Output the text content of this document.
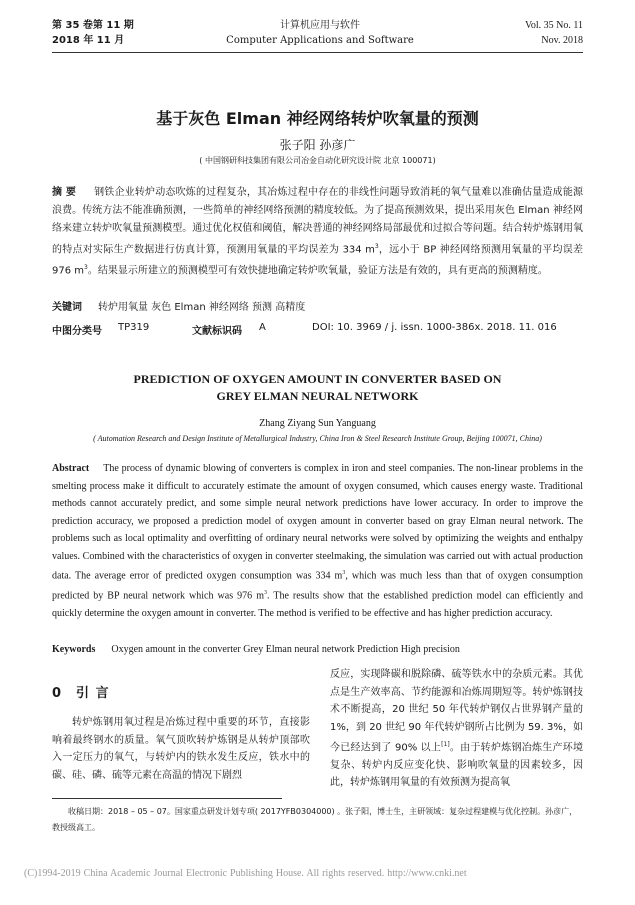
第 35 卷第 11 期
2018 年 11 月
计算机应用与软件
Computer Applications and Software
Vol. 35 No. 11
Nov. 2018
基于灰色 Elman 神经网络转炉吹氧量的预测
张子阳 孙彦广
( 中国钢研科技集团有限公司冶金自动化研究设计院 北京 100071)
摘 要 钢铁企业转炉动态吹炼的过程复杂，其冶炼过程中存在的非线性问题导致消耗的氧气量难以准确估量造成能源浪费。传统方法不能准确预测，一些简单的神经网络预测的精度较低。为了提高预测效果，提出采用灰色 Elman 神经网络来建立转炉吹氧量预测模型。通过优化权值和阈值，解决普通的神经网络局部最优和过拟合等问题。结合转炉炼钢用氧的特点对实际生产数据进行仿真计算，预测用氧量的平均误差为 334 $m^3$，远小于 BP 神经网络预测用氧量的平均误差 976 $m^3$。结果显示所建立的预测模型可有效快捷地确定转炉吹氧量，验证方法是有效的，具有更高的预测精度。
关键词 转炉用氧量 灰色 Elman 神经网络 预测 高精度
中图分类号 TP319	文献标识码 A	DOI: 10. 3969 / j. issn. 1000-386x. 2018. 11. 016
PREDICTION OF OXYGEN AMOUNT IN CONVERTER BASED ON
GREY ELMAN NEURAL NETWORK
Zhang Ziyang Sun Yanguang
( Automation Research and Design Institute of Metallurgical Industry, China Iron & Steel Research Institute Group, Beijing 100071, China)
Abstract The process of dynamic blowing of converters is complex in iron and steel companies. The non-linear problems in the smelting process make it difficult to accurately estimate the amount of oxygen consumed, which causes energy waste. Traditional methods cannot accurately predict, and some simple neural network predictions have lower accuracy. In order to improve the prediction accuracy, we proposed a prediction model of oxygen amount in converter based on gray Elman neural network. The problems such as local optimality and overfitting of ordinary neural networks were solved by optimizing the weights and enthalpy values. Combined with the characteristics of oxygen in converter steelmaking, the simulation was carried out with actual production data. The average error of predicted oxygen consumption was 334 $m^3$, which was much less than that of oxygen consumption predicted by BP neural network which was 976 $m^3$. The results show that the established prediction model can efficiently and quickly determine the oxygen amount in converter. The method is verified to be effective and has higher prediction accuracy.
Keywords Oxygen amount in the converter Grey Elman neural network Prediction High precision
0 引 言
转炉炼钢用氧过程是冶炼过程中重要的环节，直接影响着最终钢水的质量。氧气顶吹转炉炼钢是从转炉顶部吹入一定压力的氧气，与转炉内的铁水发生反应，铁水中的碳、硅、磷、硫等元素在高温的情况下剧烈
反应，实现降碳和脱除磷、硫等铁水中的杂质元素。其优点是生产效率高、节约能源和冶炼周期短等。转炉炼钢技术不断提高，20 世纪 50 年代转炉钢仅占世界钢产量的 1%，到 20 世纪 90 年代转炉钢所占比例为 59. 3%，如今已经达到了 90% 以上[1]。由于转炉炼钢冶炼生产环境复杂、转炉内反应变化快、影响吹氧量的因素较多，因此，转炉炼钢用氧量的有效预测为提高氧
收稿日期：2018 – 05 – 07。国家重点研发计划专项( 2017YFB0304000) 。张子阳，博士生，主研领域：复杂过程建模与优化控制。孙彦广，教授级高工。
(C)1994-2019 China Academic Journal Electronic Publishing House. All rights reserved. http://www.cnki.net
